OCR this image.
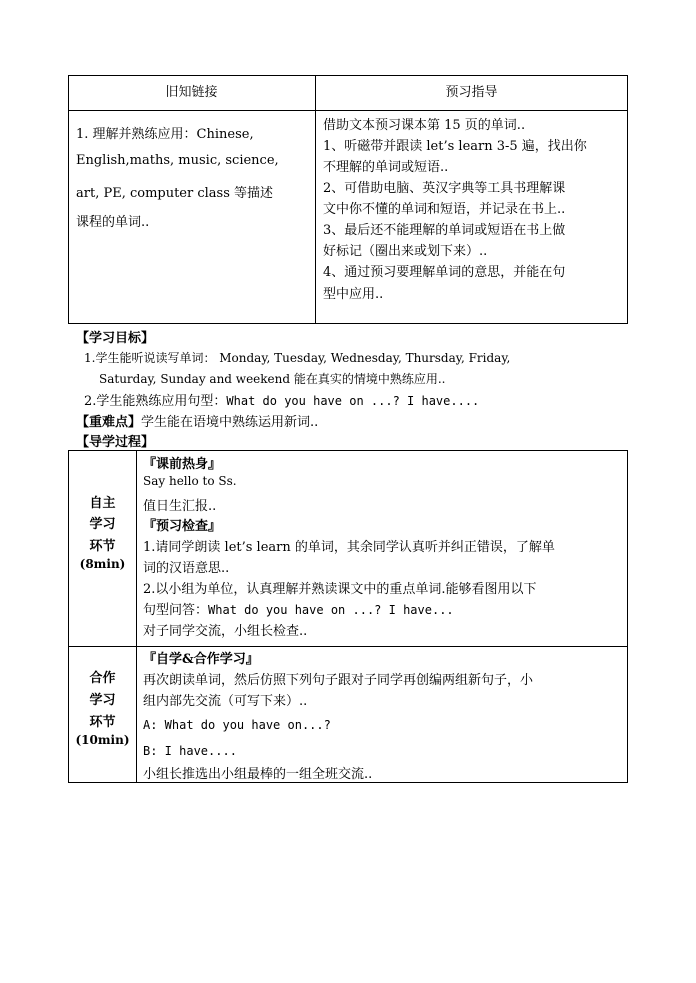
旧知链接	预习指导
1. 理解并熟练应用：Chinese,
English,maths, music, science,
art, PE, computer class 等描述
课程的单词..
借助文本预习课本第 15 页的单词..
1、听磁带并跟读 let’s learn 3-5 遍，找出你
不理解的单词或短语..
2、可借助电脑、英汉字典等工具书理解课
文中你不懂的单词和短语，并记录在书上..
3、最后还不能理解的单词或短语在书上做
好标记（圈出来或划下来）..
4、通过预习要理解单词的意思，并能在句
型中应用..
【学习目标】
1.学生能听说读写单词： Monday, Tuesday, Wednesday, Thursday, Friday,
Saturday, Sunday and weekend 能在真实的情境中熟练应用..
2.学生能熟练应用句型：What do you have on ...? I have....
【重难点】学生能在语境中熟练运用新词..
【导学过程】
自主
学习
环节
(8min)
『课前热身』
Say hello to Ss.
值日生汇报..
『预习检查』
1.请同学朗读 let’s learn 的单词，其余同学认真听并纠正错误，了解单
词的汉语意思..
2.以小组为单位，认真理解并熟读课文中的重点单词.能够看图用以下
句型问答：What do you have on ...? I have...
对子同学交流，小组长检查..
合作
学习
环节
(10min)
『自学&合作学习』
再次朗读单词，然后仿照下列句子跟对子同学再创编两组新句子，小
组内部先交流（可写下来）..
A: What do you have on...?
B: I have....
小组长推选出小组最棒的一组全班交流..
